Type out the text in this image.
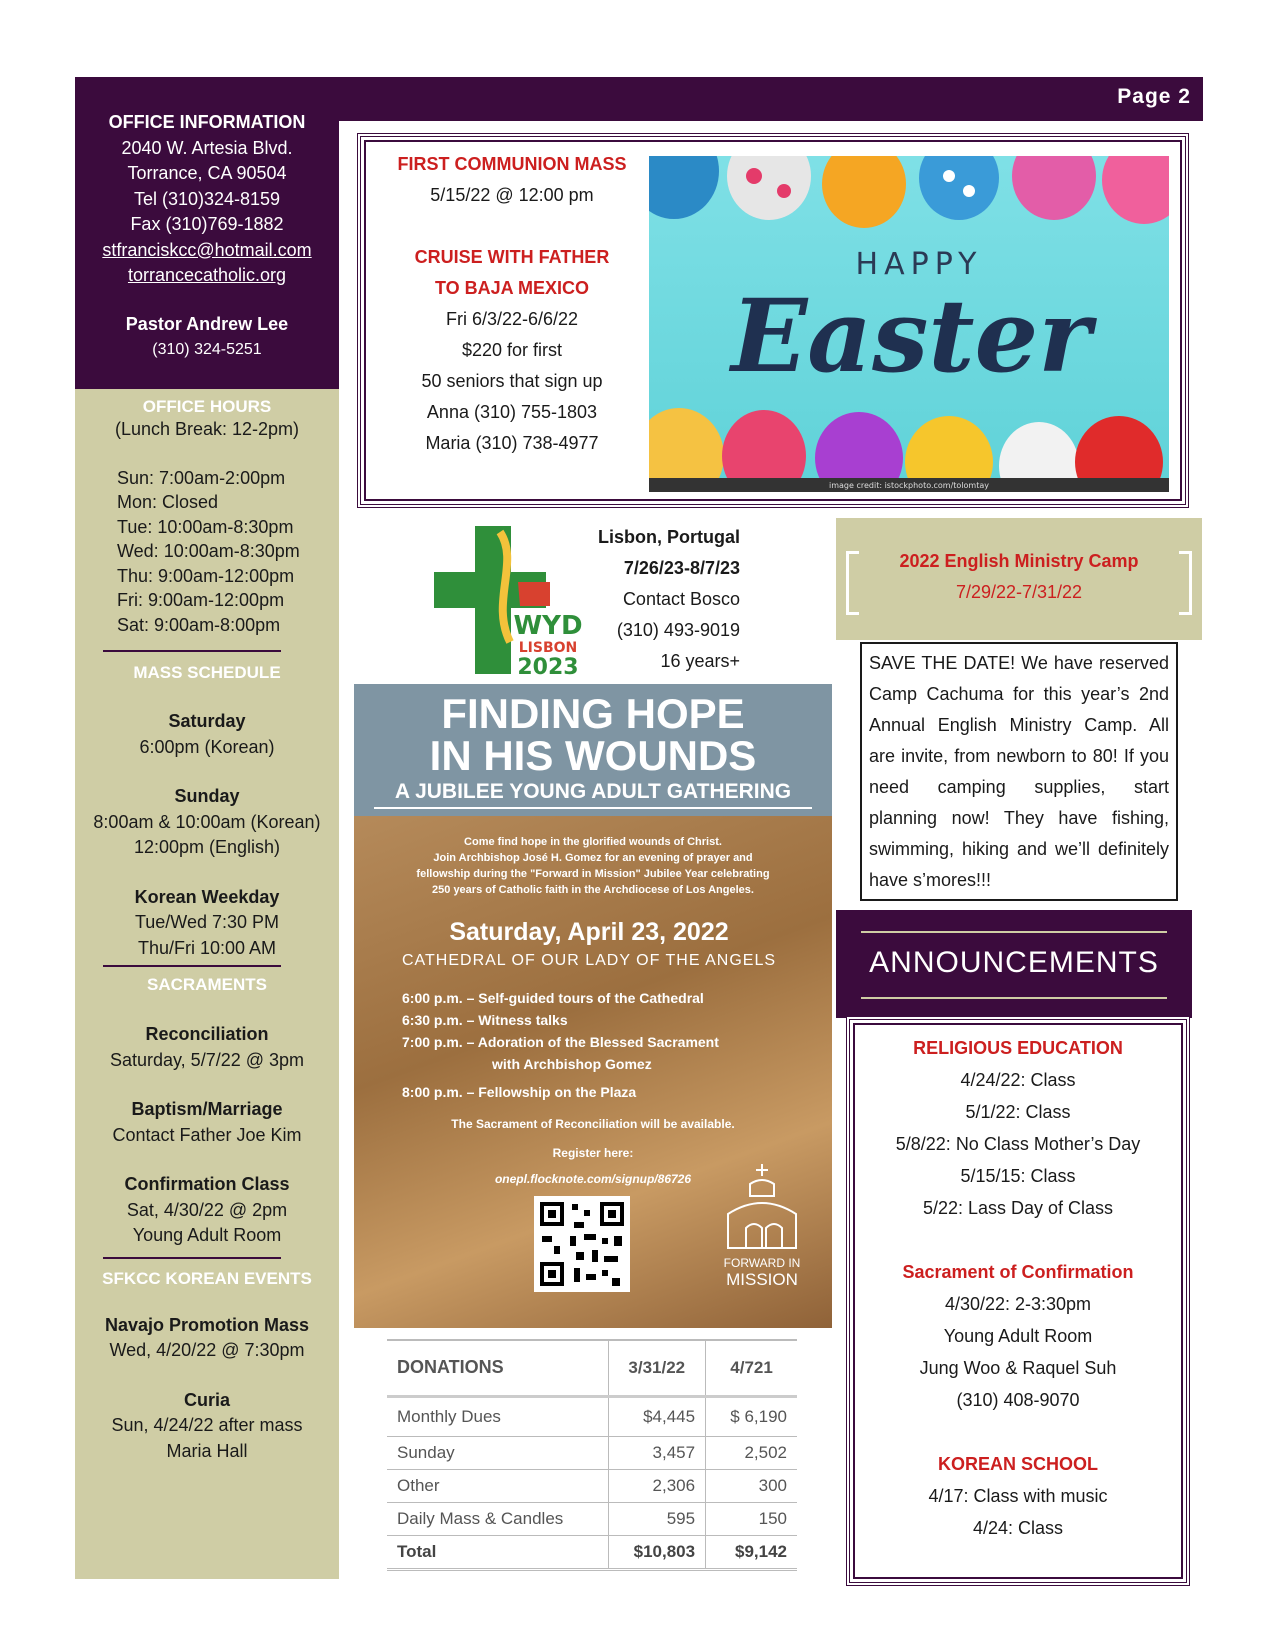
Page 2
OFFICE INFORMATION
2040 W. Artesia Blvd.
Torrance, CA 90504
Tel (310)324-8159
Fax (310)769-1882
stfranciskcc@hotmail.com
torrancecatholic.org
Pastor Andrew Lee
(310) 324-5251
OFFICE HOURS
(Lunch Break: 12-2pm)
Sun: 7:00am-2:00pm
Mon: Closed
Tue: 10:00am-8:30pm
Wed: 10:00am-8:30pm
Thu: 9:00am-12:00pm
Fri: 9:00am-12:00pm
Sat: 9:00am-8:00pm
MASS SCHEDULE
Saturday
6:00pm (Korean)
Sunday
8:00am & 10:00am (Korean)
12:00pm (English)
Korean Weekday
Tue/Wed 7:30 PM
Thu/Fri 10:00 AM
SACRAMENTS
Reconciliation
Saturday, 5/7/22 @ 3pm
Baptism/Marriage
Contact Father Joe Kim
Confirmation Class
Sat, 4/30/22 @ 2pm
Young Adult Room
SFKCC KOREAN EVENTS
Navajo Promotion Mass
Wed, 4/20/22 @ 7:30pm
Curia
Sun, 4/24/22 after mass
Maria Hall
FIRST COMMUNION MASS
5/15/22 @ 12:00 pm
CRUISE WITH FATHER
TO BAJA MEXICO
Fri 6/3/22-6/6/22
$220 for first
50 seniors that sign up
Anna (310) 755-1803
Maria (310) 738-4977
HAPPY
Easter
image credit: istockphoto.com/tolomtay
WYD
LISBON
2023
Lisbon, Portugal
7/26/23-8/7/23
Contact Bosco
(310) 493-9019
16 years+
FINDING HOPE
IN HIS WOUNDS
A JUBILEE YOUNG ADULT GATHERING
Come find hope in the glorified wounds of Christ.
Join Archbishop José H. Gomez for an evening of prayer and
fellowship during the "Forward in Mission" Jubilee Year celebrating
250 years of Catholic faith in the Archdiocese of Los Angeles.
Saturday, April 23, 2022
CATHEDRAL OF OUR LADY OF THE ANGELS
6:00 p.m. – Self-guided tours of the Cathedral
6:30 p.m. – Witness talks
7:00 p.m. – Adoration of the Blessed Sacrament
with Archbishop Gomez
8:00 p.m. – Fellowship on the Plaza
The Sacrament of Reconciliation will be available.
Register here:
onepl.flocknote.com/signup/86726
FORWARD IN
MISSION
DONATIONS	3/31/22	4/721
Monthly Dues	$4,445	$ 6,190
Sunday	3,457	2,502
Other	2,306	300
Daily Mass & Candles	595	150
Total	$10,803	$9,142
2022 English Ministry Camp
7/29/22-7/31/22
SAVE THE DATE! We have reserved Camp Cachuma for this year’s 2nd Annual English Ministry Camp. All are invite, from newborn to 80! If you need camping supplies, start planning now! They have fishing, swimming, hiking and we’ll definitely have s’mores!!!
ANNOUNCEMENTS
RELIGIOUS EDUCATION
4/24/22: Class
5/1/22: Class
5/8/22: No Class Mother’s Day
5/15/15: Class
5/22: Lass Day of Class
Sacrament of Confirmation
4/30/22: 2-3:30pm
Young Adult Room
Jung Woo & Raquel Suh
(310) 408-9070
KOREAN SCHOOL
4/17: Class with music
4/24: Class
